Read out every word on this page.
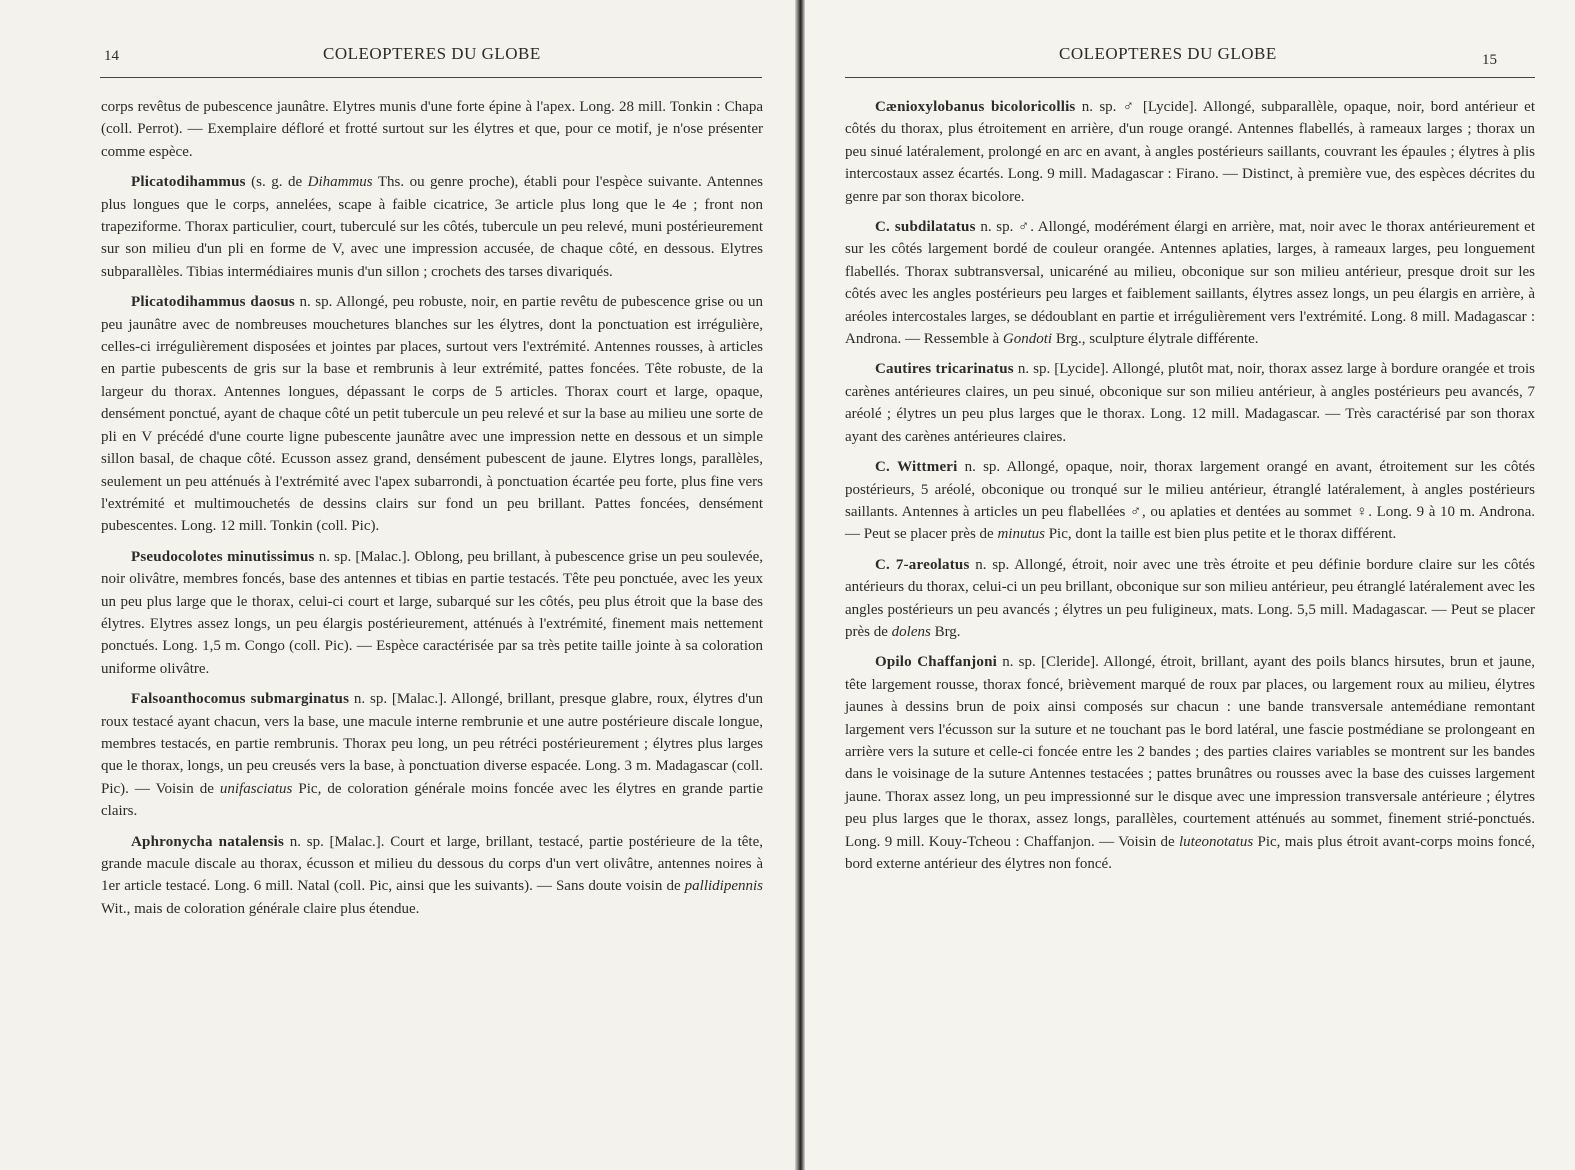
14	COLEOPTERES DU GLOBE

corps revêtus de pubescence jaunâtre. Elytres munis d'une forte épine à l'apex. Long. 28 mill. Tonkin : Chapa (coll. Perrot). — Exemplaire défloré et frotté surtout sur les élytres et que, pour ce motif, je n'ose présenter comme espèce.

Plicatodihammus (s. g. de Dihammus Ths. ou genre proche), établi pour l'espèce suivante. Antennes plus longues que le corps, annelées, scape à faible cicatrice, 3e article plus long que le 4e ; front non trapeziforme. Thorax particulier, court, tuberculé sur les côtés, tubercule un peu relevé, muni postérieurement sur son milieu d'un pli en forme de V, avec une impression accusée, de chaque côté, en dessous. Elytres subparallèles. Tibias intermédiaires munis d'un sillon ; crochets des tarses divariqués.

Plicatodihammus daosus n. sp. Allongé, peu robuste, noir, en partie revêtu de pubescence grise ou un peu jaunâtre avec de nombreuses mouchetures blanches sur les élytres, dont la ponctuation est irrégulière, celles-ci irrégulièrement disposées et jointes par places, surtout vers l'extrémité. Antennes rousses, à articles en partie pubescents de gris sur la base et rembrunis à leur extrémité, pattes foncées. Tête robuste, de la largeur du thorax. Antennes longues, dépassant le corps de 5 articles. Thorax court et large, opaque, densément ponctué, ayant de chaque côté un petit tubercule un peu relevé et sur la base au milieu une sorte de pli en V précédé d'une courte ligne pubescente jaunâtre avec une impression nette en dessous et un simple sillon basal, de chaque côté. Ecusson assez grand, densément pubescent de jaune. Elytres longs, parallèles, seulement un peu atténués à l'extrémité avec l'apex subarrondi, à ponctuation écartée peu forte, plus fine vers l'extrémité et multimouchetés de dessins clairs sur fond un peu brillant. Pattes foncées, densément pubescentes. Long. 12 mill. Tonkin (coll. Pic).

Pseudocolotes minutissimus n. sp. [Malac.]. Oblong, peu brillant, à pubescence grise un peu soulevée, noir olivâtre, membres foncés, base des antennes et tibias en partie testacés. Tête peu ponctuée, avec les yeux un peu plus large que le thorax, celui-ci court et large, subarqué sur les côtés, peu plus étroit que la base des élytres. Elytres assez longs, un peu élargis postérieurement, atténués à l'extrémité, finement mais nettement ponctués. Long. 1,5 m. Congo (coll. Pic). — Espèce caractérisée par sa très petite taille jointe à sa coloration uniforme olivâtre.

Falsoanthocomus submarginatus n. sp. [Malac.]. Allongé, brillant, presque glabre, roux, élytres d'un roux testacé ayant chacun, vers la base, une macule interne rembrunie et une autre postérieure discale longue, membres testacés, en partie rembrunis. Thorax peu long, un peu rétréci postérieurement ; élytres plus larges que le thorax, longs, un peu creusés vers la base, à ponctuation diverse espacée. Long. 3 m. Madagascar (coll. Pic). — Voisin de unifasciatus Pic, de coloration générale moins foncée avec les élytres en grande partie clairs.

Aphronycha natalensis n. sp. [Malac.]. Court et large, brillant, testacé, partie postérieure de la tête, grande macule discale au thorax, écusson et milieu du dessous du corps d'un vert olivâtre, antennes noires à 1er article testacé. Long. 6 mill. Natal (coll. Pic, ainsi que les suivants). — Sans doute voisin de pallidipennis Wit., mais de coloration générale claire plus étendue.

COLEOPTERES DU GLOBE	15

Cænioxylobanus bicoloricollis n. sp. ♂ [Lycide]. Allongé, subparallèle, opaque, noir, bord antérieur et côtés du thorax, plus étroitement en arrière, d'un rouge orangé. Antennes flabellés, à rameaux larges ; thorax un peu sinué latéralement, prolongé en arc en avant, à angles postérieurs saillants, couvrant les épaules ; élytres à plis intercostaux assez écartés. Long. 9 mill. Madagascar : Firano. — Distinct, à première vue, des espèces décrites du genre par son thorax bicolore.

C. subdilatatus n. sp. ♂. Allongé, modérément élargi en arrière, mat, noir avec le thorax antérieurement et sur les côtés largement bordé de couleur orangée. Antennes aplaties, larges, à rameaux larges, peu longuement flabellés. Thorax subtransversal, unicaréné au milieu, obconique sur son milieu antérieur, presque droit sur les côtés avec les angles postérieurs peu larges et faiblement saillants, élytres assez longs, un peu élargis en arrière, à aréoles intercostales larges, se dédoublant en partie et irrégulièrement vers l'extrémité. Long. 8 mill. Madagascar : Androna. — Ressemble à Gondoti Brg., sculpture élytrale différente.

Cautires tricarinatus n. sp. [Lycide]. Allongé, plutôt mat, noir, thorax assez large à bordure orangée et trois carènes antérieures claires, un peu sinué, obconique sur son milieu antérieur, à angles postérieurs peu avancés, 7 aréolé ; élytres un peu plus larges que le thorax. Long. 12 mill. Madagascar. — Très caractérisé par son thorax ayant des carènes antérieures claires.

C. Wittmeri n. sp. Allongé, opaque, noir, thorax largement orangé en avant, étroitement sur les côtés postérieurs, 5 aréolé, obconique ou tronqué sur le milieu antérieur, étranglé latéralement, à angles postérieurs saillants. Antennes à articles un peu flabellées ♂, ou aplaties et dentées au sommet ♀. Long. 9 à 10 m. Androna. — Peut se placer près de minutus Pic, dont la taille est bien plus petite et le thorax différent.

C. 7-areolatus n. sp. Allongé, étroit, noir avec une très étroite et peu définie bordure claire sur les côtés antérieurs du thorax, celui-ci un peu brillant, obconique sur son milieu antérieur, peu étranglé latéralement avec les angles postérieurs un peu avancés ; élytres un peu fuligineux, mats. Long. 5,5 mill. Madagascar. — Peut se placer près de dolens Brg.

Opilo Chaffanjoni n. sp. [Cleride]. Allongé, étroit, brillant, ayant des poils blancs hirsutes, brun et jaune, tête largement rousse, thorax foncé, brièvement marqué de roux par places, ou largement roux au milieu, élytres jaunes à dessins brun de poix ainsi composés sur chacun : une bande transversale antemédiane remontant largement vers l'écusson sur la suture et ne touchant pas le bord latéral, une fascie postmédiane se prolongeant en arrière vers la suture et celle-ci foncée entre les 2 bandes ; des parties claires variables se montrent sur les bandes dans le voisinage de la suture Antennes testacées ; pattes brunâtres ou rousses avec la base des cuisses largement jaune. Thorax assez long, un peu impressionné sur le disque avec une impression transversale antérieure ; élytres peu plus larges que le thorax, assez longs, parallèles, courtement atténués au sommet, finement strié-ponctués. Long. 9 mill. Kouy-Tcheou : Chaffanjon. — Voisin de luteonotatus Pic, mais plus étroit avant-corps moins foncé, bord externe antérieur des élytres non foncé.
